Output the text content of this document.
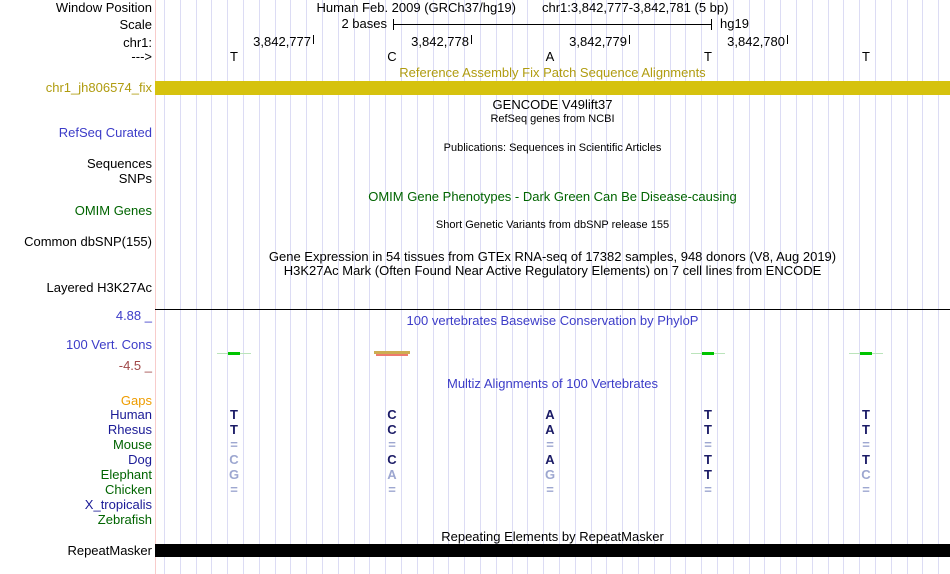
Window Position	Human Feb. 2009 (GRCh37/hg19) chr1:3,842,777-3,842,781 (5 bp)
Scale	2 bases	hg19
chr1:	3,842,777	3,842,778	3,842,779	3,842,780
--->	T	C	A	T	T
Reference Assembly Fix Patch Sequence Alignments
chr1_jh806574_fix
GENCODE V49lift37
RefSeq genes from NCBI
RefSeq Curated
Publications: Sequences in Scientific Articles
Sequences
SNPs
OMIM Gene Phenotypes - Dark Green Can Be Disease-causing
OMIM Genes
Short Genetic Variants from dbSNP release 155
Common dbSNP(155)
Gene Expression in 54 tissues from GTEx RNA-seq of 17382 samples, 948 donors (V8, Aug 2019)
H3K27Ac Mark (Often Found Near Active Regulatory Elements) on 7 cell lines from ENCODE
Layered H3K27Ac
4.88 _	100 vertebrates Basewise Conservation by PhyloP
100 Vert. Cons
-4.5 _
Multiz Alignments of 100 Vertebrates
Gaps
Human	T	C	A	T	T
Rhesus	T	C	A	T	T
Mouse	=	=	=	=	=
Dog	C	C	A	T	T
Elephant	G	A	G	T	C
Chicken	=	=	=	=	=
X_tropicalis
Zebrafish
Repeating Elements by RepeatMasker
RepeatMasker
